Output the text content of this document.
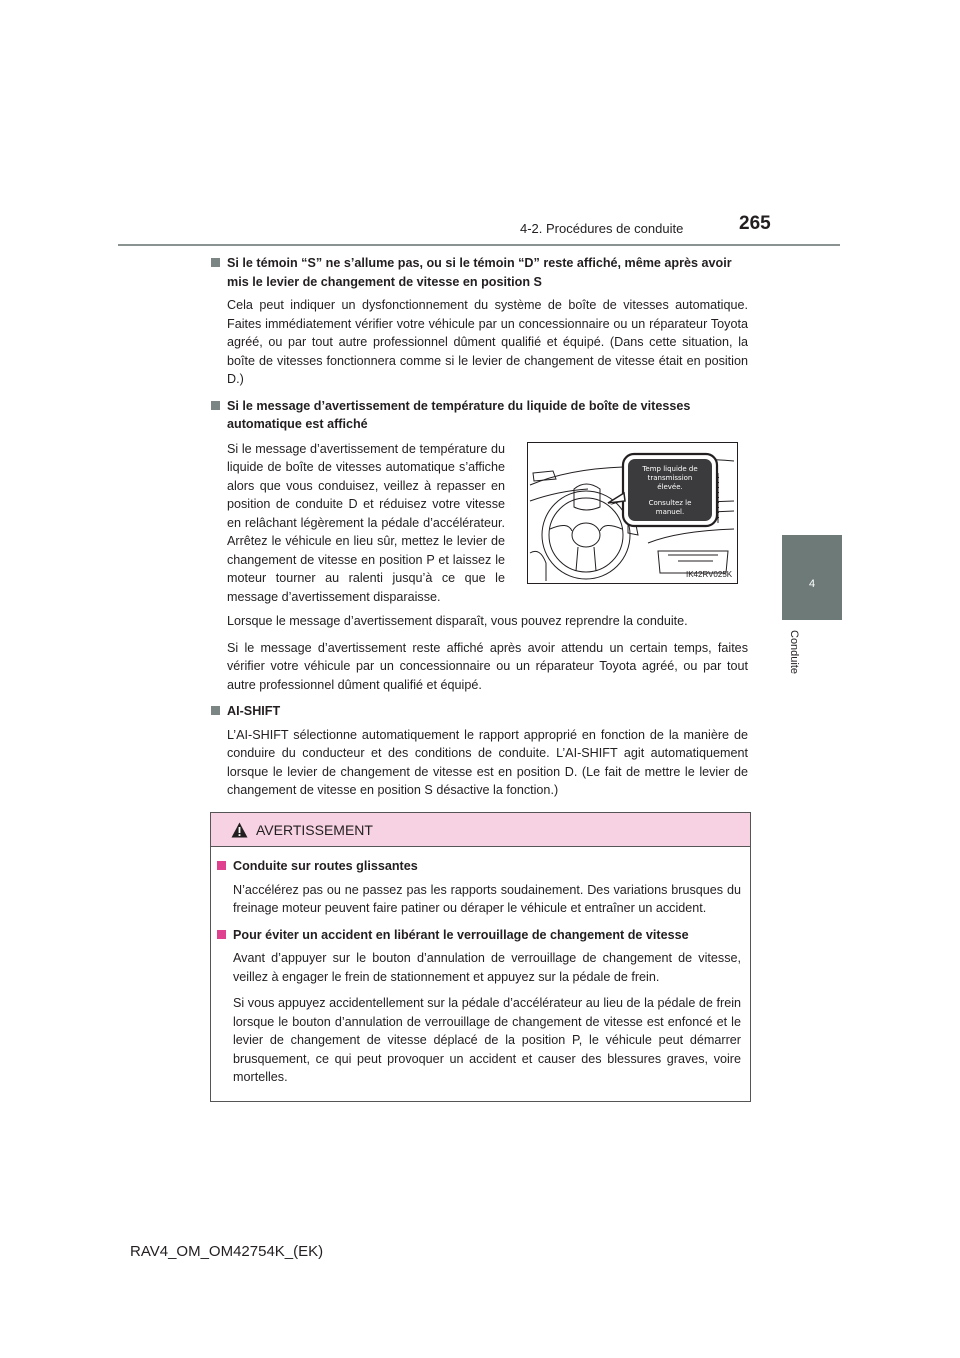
4-2. Procédures de conduite	265
4
Conduite

Si le témoin “S” ne s’allume pas, ou si le témoin “D” reste affiché, même après avoir mis le levier de changement de vitesse en position S

Cela peut indiquer un dysfonctionnement du système de boîte de vitesses automatique. Faites immédiatement vérifier votre véhicule par un concessionnaire ou un réparateur Toyota agréé, ou par tout autre professionnel dûment qualifié et équipé. (Dans cette situation, la boîte de vitesses fonctionnera comme si le levier de changement de vitesse était en position D.)

Si le message d’avertissement de température du liquide de boîte de vitesses automatique est affiché

Si le message d’avertissement de température du liquide de boîte de vitesses automatique s’affiche alors que vous conduisez, veillez à repasser en position de conduite D et réduisez votre vitesse en relâchant légèrement la pédale d’accélérateur. Arrêtez le véhicule en lieu sûr, mettez le levier de changement de vitesse en position P et laissez le moteur tourner au ralenti jusqu’à ce que le message d’avertissement disparaisse.
Temp liquide de
transmission
élevée.
Consultez le
manuel.
IK42RV025K

Lorsque le message d’avertissement disparaît, vous pouvez reprendre la conduite.

Si le message d’avertissement reste affiché après avoir attendu un certain temps, faites vérifier votre véhicule par un concessionnaire ou un réparateur Toyota agréé, ou par tout autre professionnel dûment qualifié et équipé.

AI-SHIFT

L’AI-SHIFT sélectionne automatiquement le rapport approprié en fonction de la manière de conduire du conducteur et des conditions de conduite. L’AI-SHIFT agit automatiquement lorsque le levier de changement de vitesse est en position D. (Le fait de mettre le levier de changement de vitesse en position S désactive la fonction.)

AVERTISSEMENT

Conduite sur routes glissantes

N’accélérez pas ou ne passez pas les rapports soudainement. Des variations brusques du freinage moteur peuvent faire patiner ou déraper le véhicule et entraîner un accident.

Pour éviter un accident en libérant le verrouillage de changement de vitesse

Avant d’appuyer sur le bouton d’annulation de verrouillage de changement de vitesse, veillez à engager le frein de stationnement et appuyez sur la pédale de frein.

Si vous appuyez accidentellement sur la pédale d’accélérateur au lieu de la pédale de frein lorsque le bouton d’annulation de verrouillage de changement de vitesse est enfoncé et le levier de changement de vitesse déplacé de la position P, le véhicule peut démarrer brusquement, ce qui peut provoquer un accident et causer des blessures graves, voire mortelles.

RAV4_OM_OM42754K_(EK)
